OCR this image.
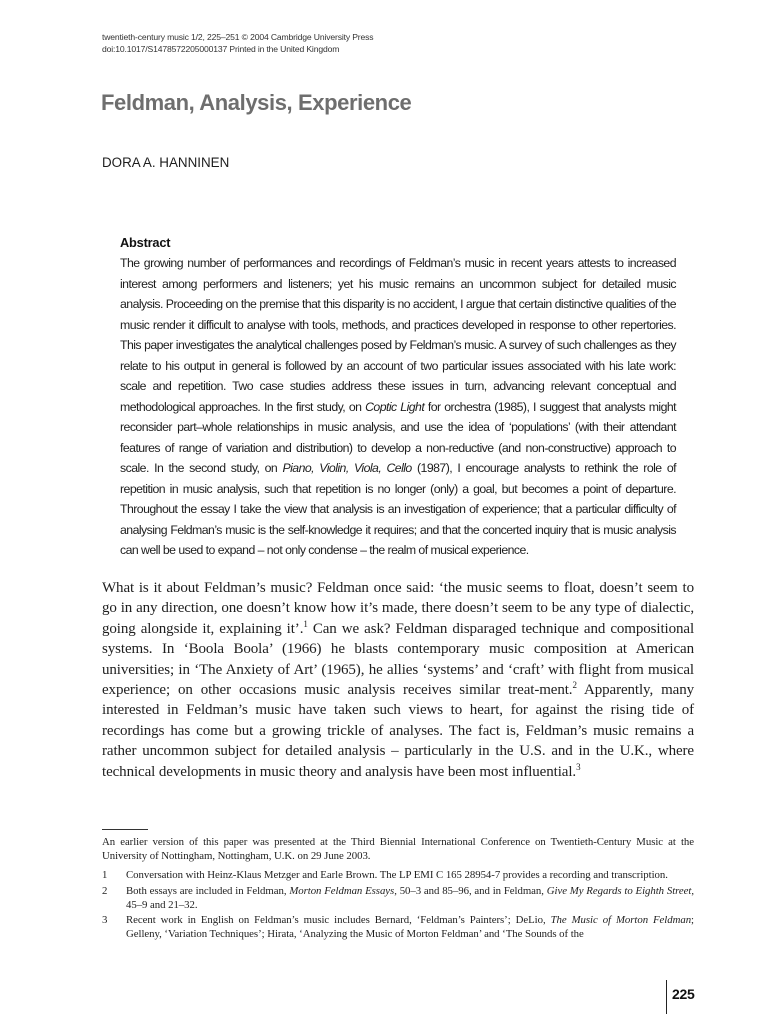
twentieth-century music 1/2, 225–251 © 2004 Cambridge University Press
doi:10.1017/S1478572205000137 Printed in the United Kingdom
Feldman, Analysis, Experience
DORA A. HANNINEN
Abstract

The growing number of performances and recordings of Feldman’s music in recent years attests to increased interest among performers and listeners; yet his music remains an uncommon subject for detailed music analysis. Proceeding on the premise that this disparity is no accident, I argue that certain distinctive qualities of the music render it difficult to analyse with tools, methods, and practices developed in response to other repertories. This paper investigates the analytical challenges posed by Feldman’s music. A survey of such challenges as they relate to his output in general is followed by an account of two particular issues associated with his late work: scale and repetition. Two case studies address these issues in turn, advancing relevant conceptual and methodological approaches. In the first study, on Coptic Light for orchestra (1985), I suggest that analysts might reconsider part–whole relationships in music analysis, and use the idea of ‘populations’ (with their attendant features of range of variation and distribution) to develop a non-reductive (and non-constructive) approach to scale. In the second study, on Piano, Violin, Viola, Cello (1987), I encourage analysts to rethink the role of repetition in music analysis, such that repetition is no longer (only) a goal, but becomes a point of departure. Throughout the essay I take the view that analysis is an investigation of experience; that a particular difficulty of analysing Feldman’s music is the self-knowledge it requires; and that the concerted inquiry that is music analysis can well be used to expand – not only condense – the realm of musical experience.

What is it about Feldman’s music? Feldman once said: ‘the music seems to float, doesn’t seem to go in any direction, one doesn’t know how it’s made, there doesn’t seem to be any type of dialectic, going alongside it, explaining it’.$^1$ Can we ask? Feldman disparaged technique and compositional systems. In ‘Boola Boola’ (1966) he blasts contemporary music composition at American universities; in ‘The Anxiety of Art’ (1965), he allies ‘systems’ and ‘craft’ with flight from musical experience; on other occasions music analysis receives similar treat-ment.$^2$ Apparently, many interested in Feldman’s music have taken such views to heart, for against the rising tide of recordings has come but a growing trickle of analyses. The fact is, Feldman’s music remains a rather uncommon subject for detailed analysis – particularly in the U.S. and in the U.K., where technical developments in music theory and analysis have been most influential.$^3$

An earlier version of this paper was presented at the Third Biennial International Conference on Twentieth-Century Music at the University of Nottingham, Nottingham, U.K. on 29 June 2003.

1	Conversation with Heinz-Klaus Metzger and Earle Brown. The LP EMI C 165 28954-7 provides a recording and transcription.
2	Both essays are included in Feldman, Morton Feldman Essays, 50–3 and 85–96, and in Feldman, Give My Regards to Eighth Street, 45–9 and 21–32.
3	Recent work in English on Feldman’s music includes Bernard, ‘Feldman’s Painters’; DeLio, The Music of Morton Feldman; Gelleny, ‘Variation Techniques’; Hirata, ‘Analyzing the Music of Morton Feldman’ and ‘The Sounds of the
225
